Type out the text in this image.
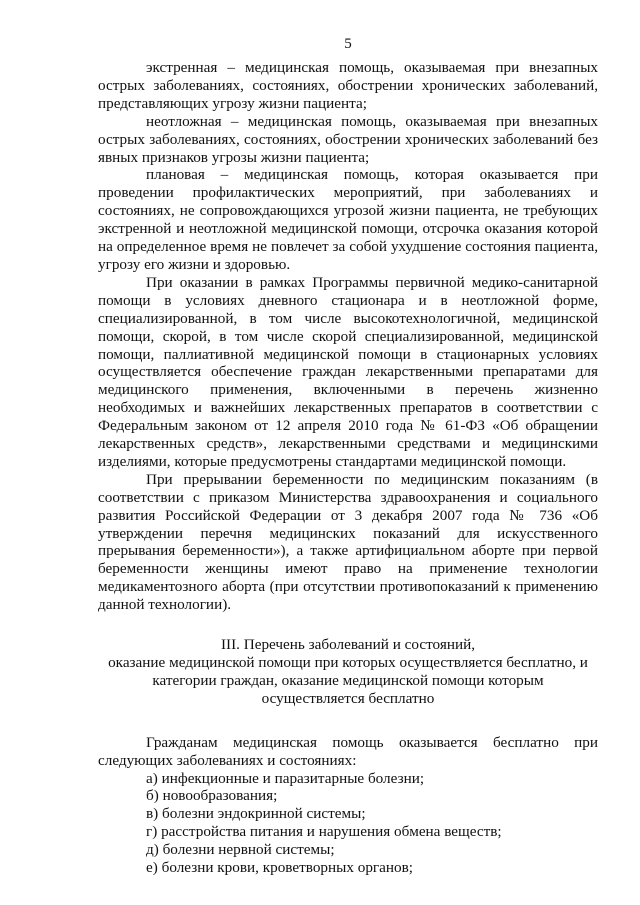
5

экстренная – медицинская помощь, оказываемая при внезапных острых заболеваниях, состояниях, обострении хронических заболеваний, представляющих угрозу жизни пациента;

неотложная – медицинская помощь, оказываемая при внезапных острых заболеваниях, состояниях, обострении хронических заболеваний без явных признаков угрозы жизни пациента;

плановая – медицинская помощь, которая оказывается при проведении профилактических мероприятий, при заболеваниях и состояниях, не сопровождающихся угрозой жизни пациента, не требующих экстренной и неотложной медицинской помощи, отсрочка оказания которой на определенное время не повлечет за собой ухудшение состояния пациента, угрозу его жизни и здоровью.

При оказании в рамках Программы первичной медико-санитарной помощи в условиях дневного стационара и в неотложной форме, специализированной, в том числе высокотехнологичной, медицинской помощи, скорой, в том числе скорой специализированной, медицинской помощи, паллиативной медицинской помощи в стационарных условиях осуществляется обеспечение граждан лекарственными препаратами для медицинского применения, включенными в перечень жизненно необходимых и важнейших лекарственных препаратов в соответствии с Федеральным законом от 12 апреля 2010 года № 61-ФЗ «Об обращении лекарственных средств», лекарственными средствами и медицинскими изделиями, которые предусмотрены стандартами медицинской помощи.

При прерывании беременности по медицинским показаниям (в соответствии с приказом Министерства здравоохранения и социального развития Российской Федерации от 3 декабря 2007 года № 736 «Об утверждении перечня медицинских показаний для искусственного прерывания беременности»), а также артифициальном аборте при первой беременности женщины имеют право на применение технологии медикаментозного аборта (при отсутствии противопоказаний к применению данной технологии).

III. Перечень заболеваний и состояний,
оказание медицинской помощи при которых осуществляется бесплатно, и
категории граждан, оказание медицинской помощи которым
осуществляется бесплатно

Гражданам медицинская помощь оказывается бесплатно при следующих заболеваниях и состояниях:

а) инфекционные и паразитарные болезни;
б) новообразования;
в) болезни эндокринной системы;
г) расстройства питания и нарушения обмена веществ;
д) болезни нервной системы;
е) болезни крови, кроветворных органов;
